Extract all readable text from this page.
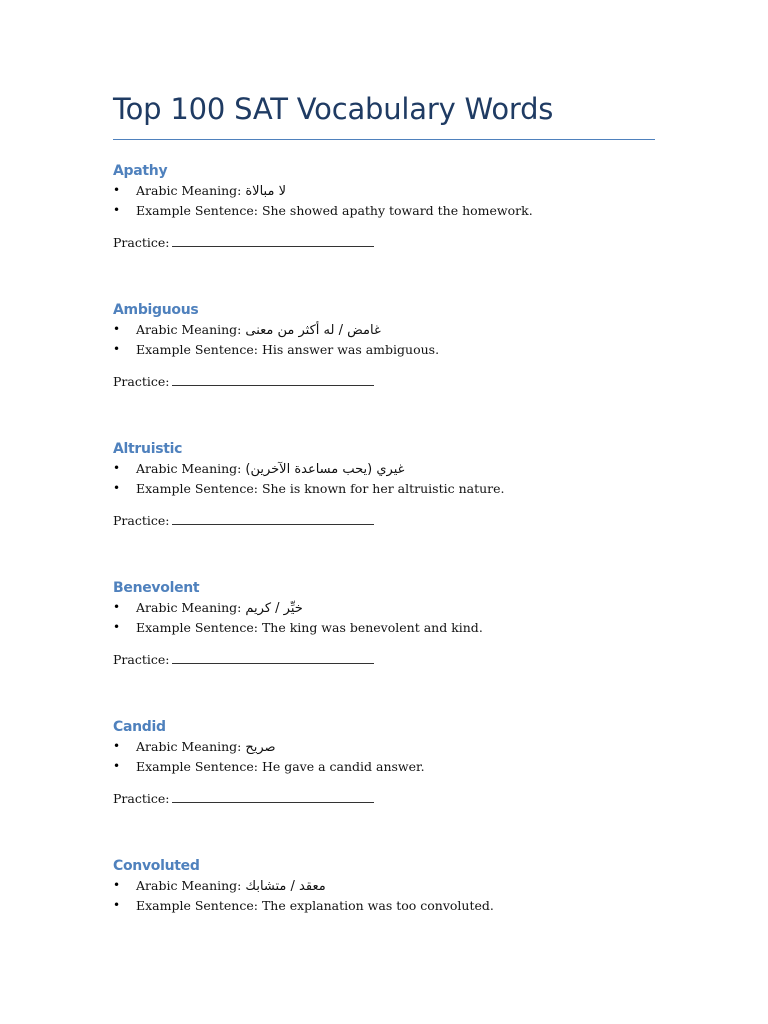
Top 100 SAT Vocabulary Words
Apathy
• Arabic Meaning: لا مبالاة
• Example Sentence: She showed apathy toward the homework.
Practice:
Ambiguous
• Arabic Meaning: غامض / له أكثر من معنى
• Example Sentence: His answer was ambiguous.
Practice:
Altruistic
• Arabic Meaning: غيري (يحب مساعدة الآخرين)
• Example Sentence: She is known for her altruistic nature.
Practice:
Benevolent
• Arabic Meaning: خيِّر / كريم
• Example Sentence: The king was benevolent and kind.
Practice:
Candid
• Arabic Meaning: صريح
• Example Sentence: He gave a candid answer.
Practice:
Convoluted
• Arabic Meaning: معقد / متشابك
• Example Sentence: The explanation was too convoluted.
